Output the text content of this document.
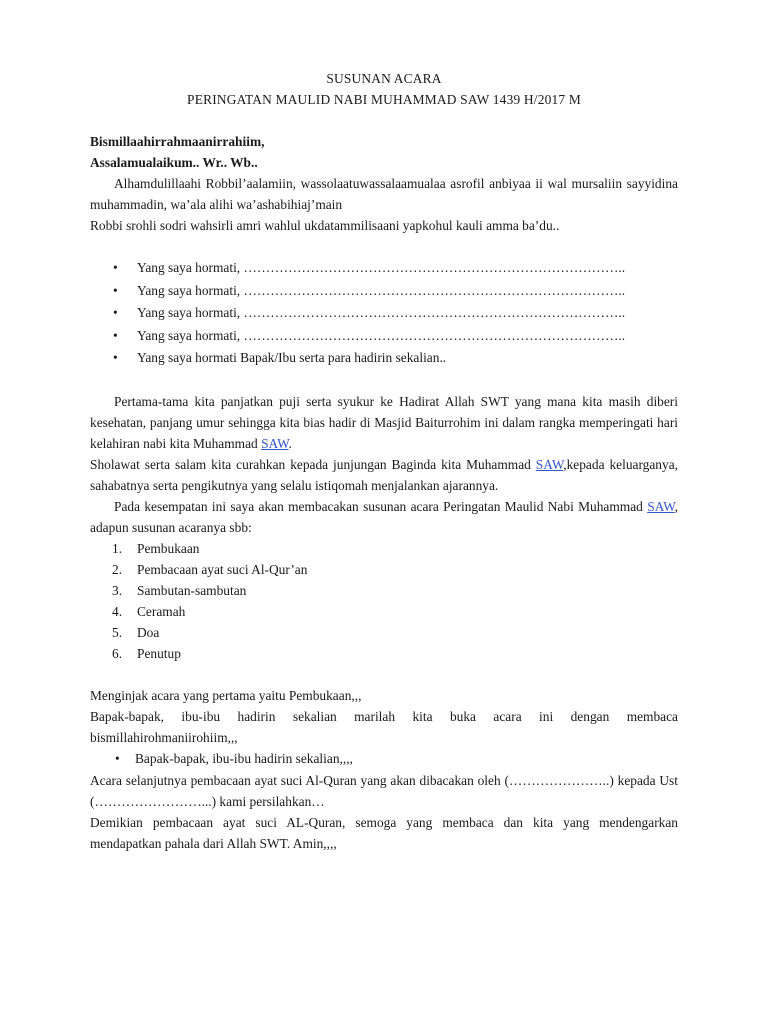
SUSUNAN ACARA

PERINGATAN MAULID NABI MUHAMMAD SAW 1439 H/2017 M

Bismillaahirrahmaanirrahiim,

Assalamualaikum.. Wr.. Wb..

Alhamdulillaahi Robbil’aalamiin, wassolaatuwassalaamualaa asrofil anbiyaa ii wal mursaliin sayyidina muhammadin, wa’ala alihi wa’ashabihiaj’main

Robbi srohli sodri wahsirli amri wahlul ukdatammilisaani yapkohul kauli amma ba’du..

• Yang saya hormati, …………………………………………………………………………..
• Yang saya hormati, …………………………………………………………………………..
• Yang saya hormati, …………………………………………………………………………..
• Yang saya hormati, …………………………………………………………………………..
• Yang saya hormati Bapak/Ibu serta para hadirin sekalian..

Pertama-tama kita panjatkan puji serta syukur ke Hadirat Allah SWT yang mana kita masih diberi kesehatan, panjang umur sehingga kita bias hadir di Masjid Baiturrohim ini dalam rangka memperingati hari kelahiran nabi kita Muhammad SAW.

Sholawat serta salam kita curahkan kepada junjungan Baginda kita Muhammad SAW,kepada keluarganya, sahabatnya serta pengikutnya yang selalu istiqomah menjalankan ajarannya.

Pada kesempatan ini saya akan membacakan susunan acara Peringatan Maulid Nabi Muhammad SAW, adapun susunan acaranya sbb:

1. Pembukaan
2. Pembacaan ayat suci Al-Qur’an
3. Sambutan-sambutan
4. Ceramah
5. Doa
6. Penutup

Menginjak acara yang pertama yaitu Pembukaan,,,

Bapak-bapak, ibu-ibu hadirin sekalian marilah kita buka acara ini dengan membaca bismillahirohmaniirohiim,,,

• Bapak-bapak, ibu-ibu hadirin sekalian,,,,

Acara selanjutnya pembacaan ayat suci Al-Quran yang akan dibacakan oleh (…………………..) kepada Ust (……………………...) kami persilahkan…

Demikian pembacaan ayat suci AL-Quran, semoga yang membaca dan kita yang mendengarkan mendapatkan pahala dari Allah SWT. Amin,,,,
